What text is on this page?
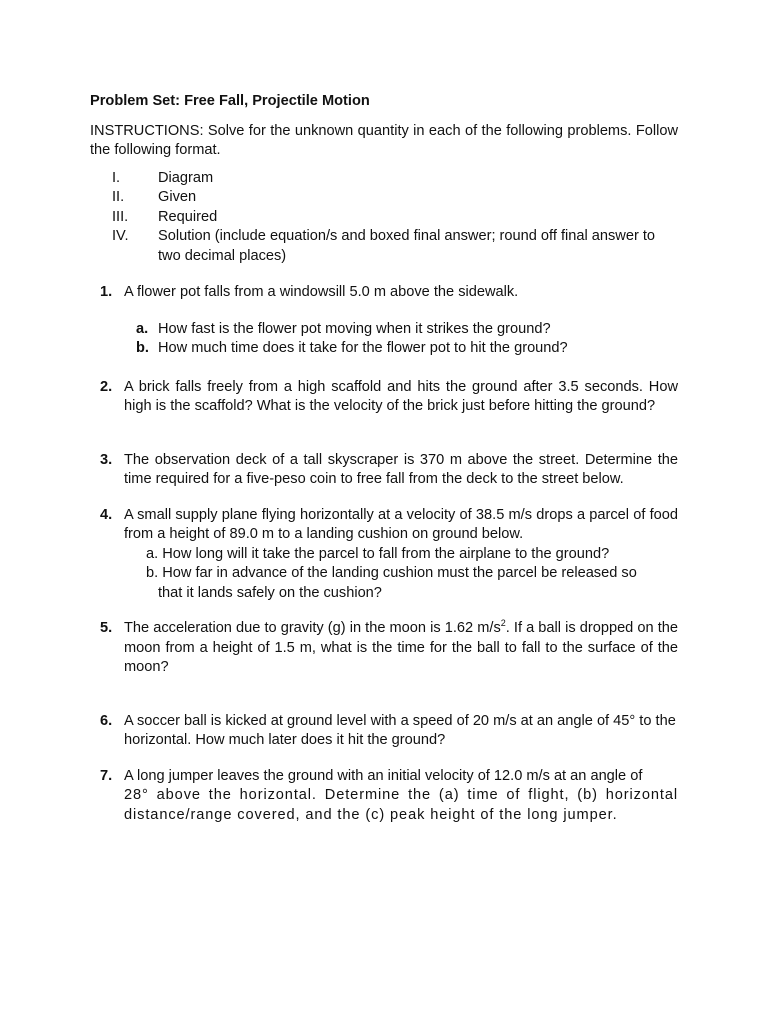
Problem Set: Free Fall, Projectile Motion

INSTRUCTIONS: Solve for the unknown quantity in each of the following problems. Follow the following format.

I.	Diagram
II.	Given
III.	Required
IV.	Solution (include equation/s and boxed final answer; round off final answer to two decimal places)
1. A flower pot falls from a windowsill 5.0 m above the sidewalk.
a. How fast is the flower pot moving when it strikes the ground?
b. How much time does it take for the flower pot to hit the ground?
2. A brick falls freely from a high scaffold and hits the ground after 3.5 seconds. How high is the scaffold? What is the velocity of the brick just before hitting the ground?
3. The observation deck of a tall skyscraper is 370 m above the street. Determine the time required for a five-peso coin to free fall from the deck to the street below.
4. A small supply plane flying horizontally at a velocity of 38.5 m/s drops a parcel of food from a height of 89.0 m to a landing cushion on ground below.
a. How long will it take the parcel to fall from the airplane to the ground?
b. How far in advance of the landing cushion must the parcel be released so
that it lands safely on the cushion?
5. The acceleration due to gravity (g) in the moon is 1.62 $m/s^2$. If a ball is dropped on the moon from a height of 1.5 m, what is the time for the ball to fall to the surface of the moon?
6. A soccer ball is kicked at ground level with a speed of 20 m/s at an angle of 45° to the horizontal. How much later does it hit the ground?
7. A long jumper leaves the ground with an initial velocity of 12.0 m/s at an angle of
28° above the horizontal. Determine the (a) time of flight, (b) horizontal distance/range covered, and the (c) peak height of the long jumper.
